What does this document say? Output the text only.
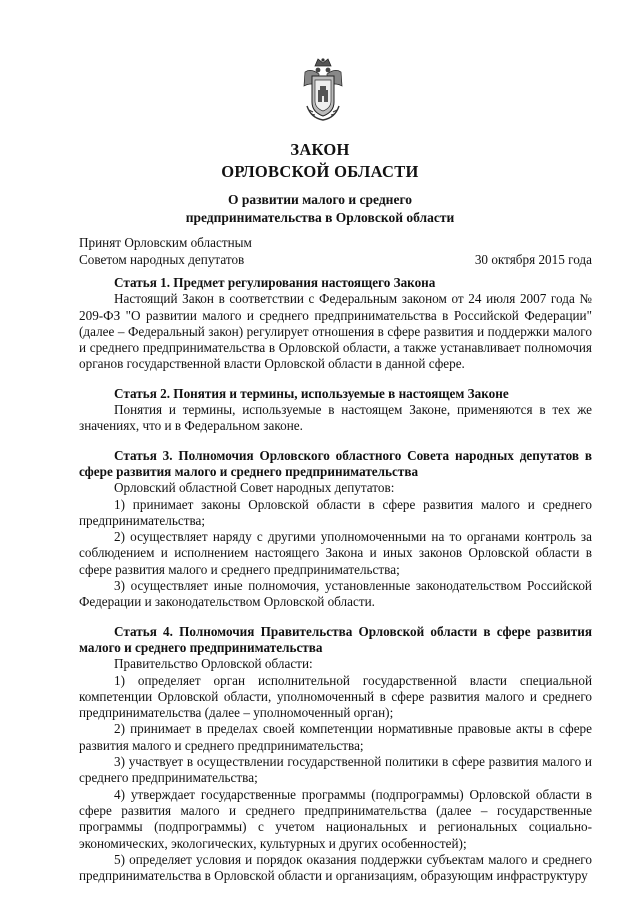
ЗАКОН
ОРЛОВСКОЙ ОБЛАСТИ
О развитии малого и среднего
предпринимательства в Орловской области
Принят Орловским областным
Советом народных депутатов	30 октября 2015 года
Статья 1. Предмет регулирования настоящего Закона

Настоящий Закон в соответствии с Федеральным законом от 24 июля 2007 года № 209-ФЗ "О развитии малого и среднего предпринимательства в Российской Федерации" (далее – Федеральный закон) регулирует отношения в сфере развития и поддержки малого и среднего предпринимательства в Орловской области, а также устанавливает полномочия органов государственной власти Орловской области в данной сфере.

Статья 2. Понятия и термины, используемые в настоящем Законе

Понятия и термины, используемые в настоящем Законе, применяются в тех же значениях, что и в Федеральном законе.

Статья 3. Полномочия Орловского областного Совета народных депутатов в сфере развития малого и среднего предпринимательства

Орловский областной Совет народных депутатов:

1) принимает законы Орловской области в сфере развития малого и среднего предпринимательства;

2) осуществляет наряду с другими уполномоченными на то органами контроль за соблюдением и исполнением настоящего Закона и иных законов Орловской области в сфере развития малого и среднего предпринимательства;

3) осуществляет иные полномочия, установленные законодательством Российской Федерации и законодательством Орловской области.

Статья 4. Полномочия Правительства Орловской области в сфере развития малого и среднего предпринимательства

Правительство Орловской области:

1) определяет орган исполнительной государственной власти специальной компетенции Орловской области, уполномоченный в сфере развития малого и среднего предпринимательства (далее – уполномоченный орган);

2) принимает в пределах своей компетенции нормативные правовые акты в сфере развития малого и среднего предпринимательства;

3) участвует в осуществлении государственной политики в сфере развития малого и среднего предпринимательства;

4) утверждает государственные программы (подпрограммы) Орловской области в сфере развития малого и среднего предпринимательства (далее – государственные программы (подпрограммы) с учетом национальных и региональных социально-экономических, экологических, культурных и других особенностей);

5) определяет условия и порядок оказания поддержки субъектам малого и среднего предпринимательства в Орловской области и организациям, образующим инфраструктуру
